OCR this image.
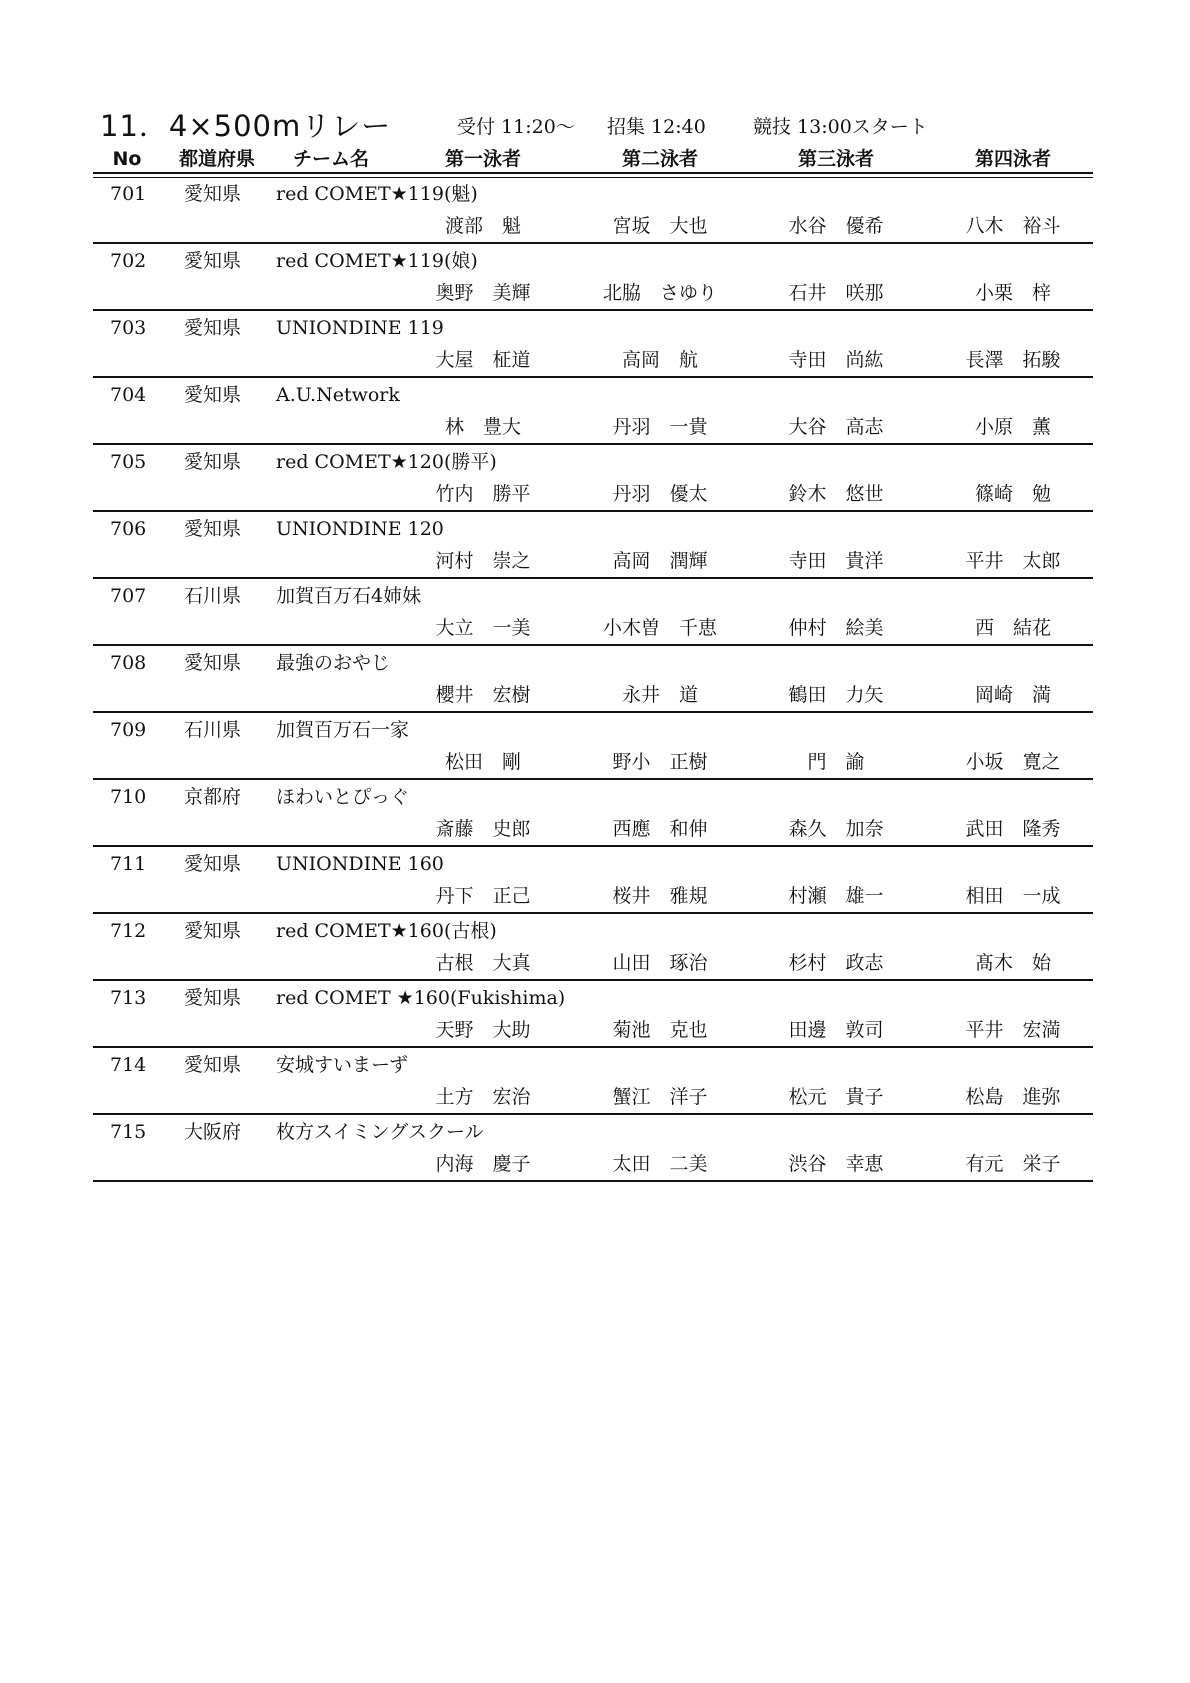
11．4×500mリレー	受付 11:20～ 招集 12:40 競技 13:00スタート
No 都道府県 チーム名	第一泳者	第二泳者	第三泳者	第四泳者
701 愛知県 red COMET★119(魁)
渡部　魁	宮坂　大也	水谷　優希	八木　裕斗
702 愛知県 red COMET★119(娘)
奥野　美輝	北脇　さゆり	石井　咲那	小栗　梓
703 愛知県 UNIONDINE 119
大屋　柾道	高岡　航	寺田　尚紘	長澤　拓駿
704 愛知県 A.U.Network
林　豊大	丹羽　一貴	大谷　高志	小原　薫
705 愛知県 red COMET★120(勝平)
竹内　勝平	丹羽　優太	鈴木　悠世	篠崎　勉
706 愛知県 UNIONDINE 120
河村　崇之	高岡　潤輝	寺田　貴洋	平井　太郎
707 石川県 加賀百万石4姉妹
大立　一美	小木曽　千恵	仲村　絵美	西　結花
708 愛知県 最強のおやじ
櫻井　宏樹	永井　道	鶴田　力矢	岡崎　満
709 石川県 加賀百万石一家
松田　剛	野小　正樹	門　諭	小坂　寛之
710 京都府 ほわいとぴっぐ
斎藤　史郎	西應　和伸	森久　加奈	武田　隆秀
711 愛知県 UNIONDINE 160
丹下　正己	桜井　雅規	村瀬　雄一	相田　一成
712 愛知県 red COMET★160(古根)
古根　大真	山田　琢治	杉村　政志	髙木　始
713 愛知県 red COMET ★160(Fukishima)
天野　大助	菊池　克也	田邊　敦司	平井　宏満
714 愛知県 安城すいまーず
土方　宏治	蟹江　洋子	松元　貴子	松島　進弥
715 大阪府 枚方スイミングスクール
内海　慶子	太田　二美	渋谷　幸恵	有元　栄子
